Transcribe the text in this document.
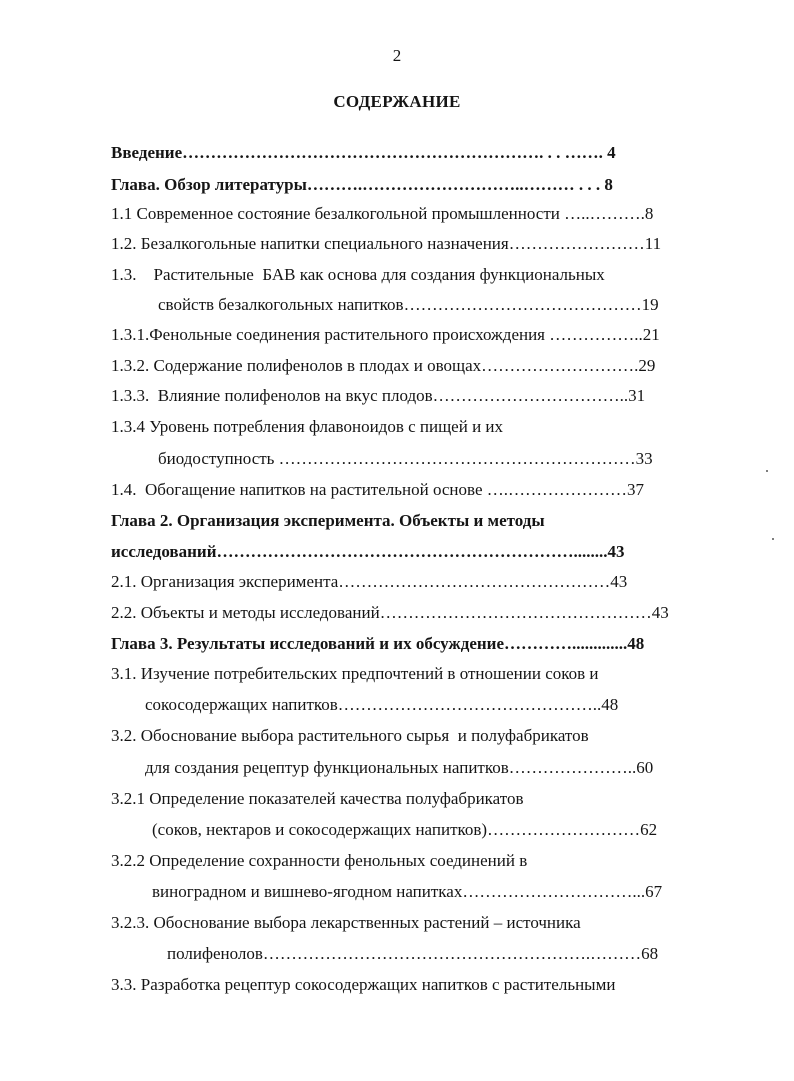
2
СОДЕРЖАНИЕ
Введение………………………………………………………. . . ……. 4
Глава. Обзор литературы……….………………………..……… . . . 8
1.1 Современное состояние безалкогольной промышленности …..……….8
1.2. Безалкогольные напитки специального назначения……………………11
1.3.    Растительные  БАВ как основа для создания функциональных
свойств безалкогольных напитков……………………………………19
1.3.1.Фенольные соединения растительного происхождения ……………..21
1.3.2. Содержание полифенолов в плодах и овощах……………………….29
1.3.3.  Влияние полифенолов на вкус плодов……………………………..31
1.3.4 Уровень потребления флавоноидов с пищей и их
биодоступность ………………………………………………………33
1.4.  Обогащение напитков на растительной основе ….…………………37
Глава 2. Организация эксперимента. Объекты и методы
исследований………………………………………………………........43
2.1. Организация эксперимента…………………………………………43
2.2. Объекты и методы исследований…………………………………………43
Глава 3. Результаты исследований и их обсуждение………….............48
3.1. Изучение потребительских предпочтений в отношении соков и
сокосодержащих напитков………………………………………..48
3.2. Обоснование выбора растительного сырья  и полуфабрикатов
для создания рецептур функциональных напитков…………………..60
3.2.1 Определение показателей качества полуфабрикатов
(соков, нектаров и сокосодержащих напитков)………………………62
3.2.2 Определение сохранности фенольных соединений в
виноградном и вишнево-ягодном напитках…………………………...67
3.2.3. Обоснование выбора лекарственных растений – источника
полифенолов………………………………………………….………68
3.3. Разработка рецептур сокосодержащих напитков с растительными
